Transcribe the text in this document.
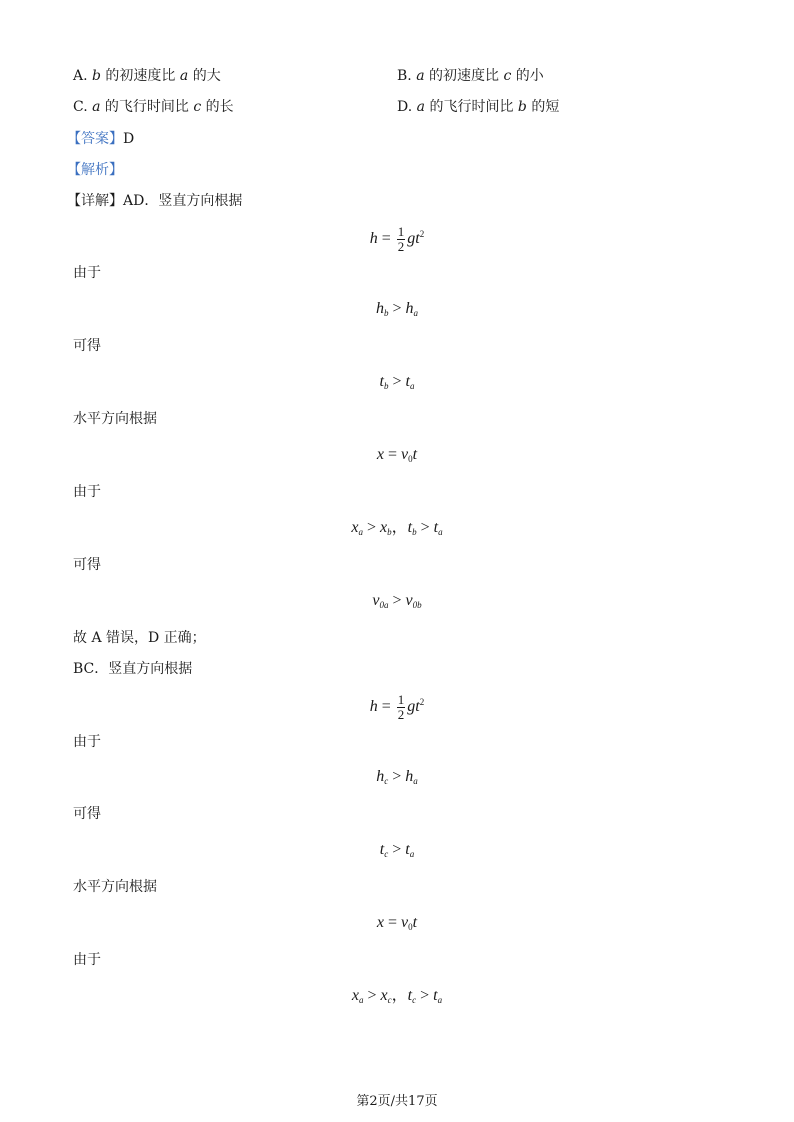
A. b 的初速度比 a 的大	B. a 的初速度比 c 的小
C. a 的飞行时间比 c 的长	D. a 的飞行时间比 b 的短
【答案】D
【解析】
【详解】AD．竖直方向根据
$h = \frac{1}{2} gt^2$
由于
$h_b > h_a$
可得
$t_b > t_a$
水平方向根据
$x = v_0t$
由于
$x_a > x_b$，$t_b > t_a$
可得
$v_{0a} > v_{0b}$
故 A 错误，D 正确；
BC．竖直方向根据
$h = \frac{1}{2} gt^2$
由于
$h_c > h_a$
可得
$t_c > t_a$
水平方向根据
$x = v_0t$
由于
$x_a > x_c$，$t_c > t_a$
第2页/共17页
